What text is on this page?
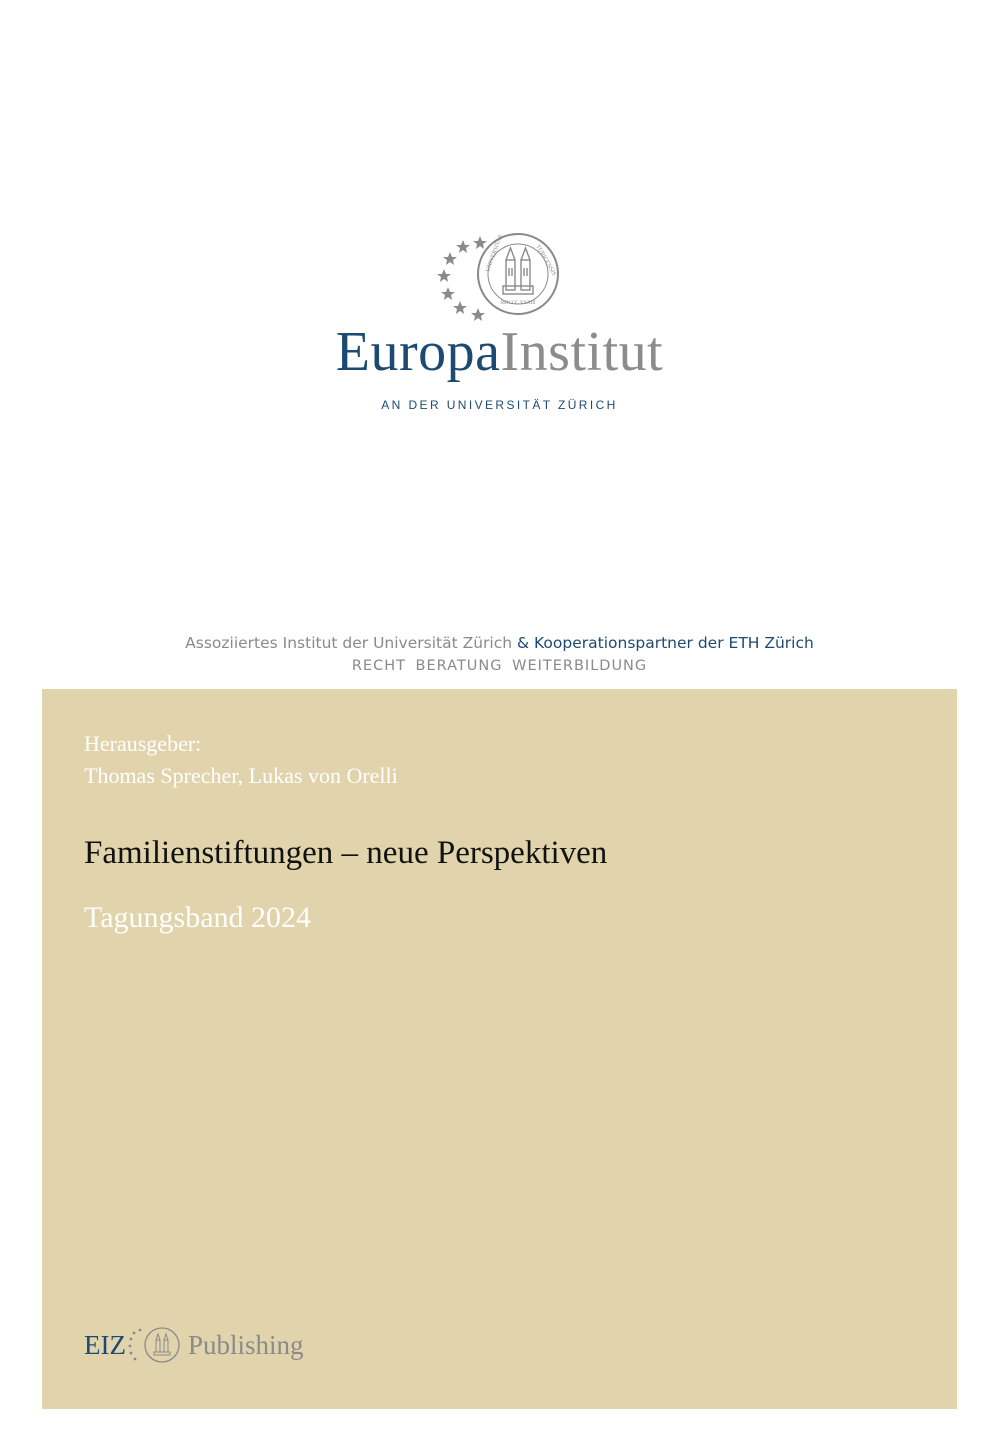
UNIVERSITAS	TURICENSIS
MDCCC XXXIII
EuropaInstitut
AN DER UNIVERSITÄT ZÜRICH
Assoziiertes Institut der Universität Zürich & Kooperationspartner der ETH Zürich
RECHT BERATUNG WEITERBILDUNG
Herausgeber:
Thomas Sprecher, Lukas von Orelli
Familienstiftungen – neue Perspektiven
Tagungsband 2024
EIZ Publishing
